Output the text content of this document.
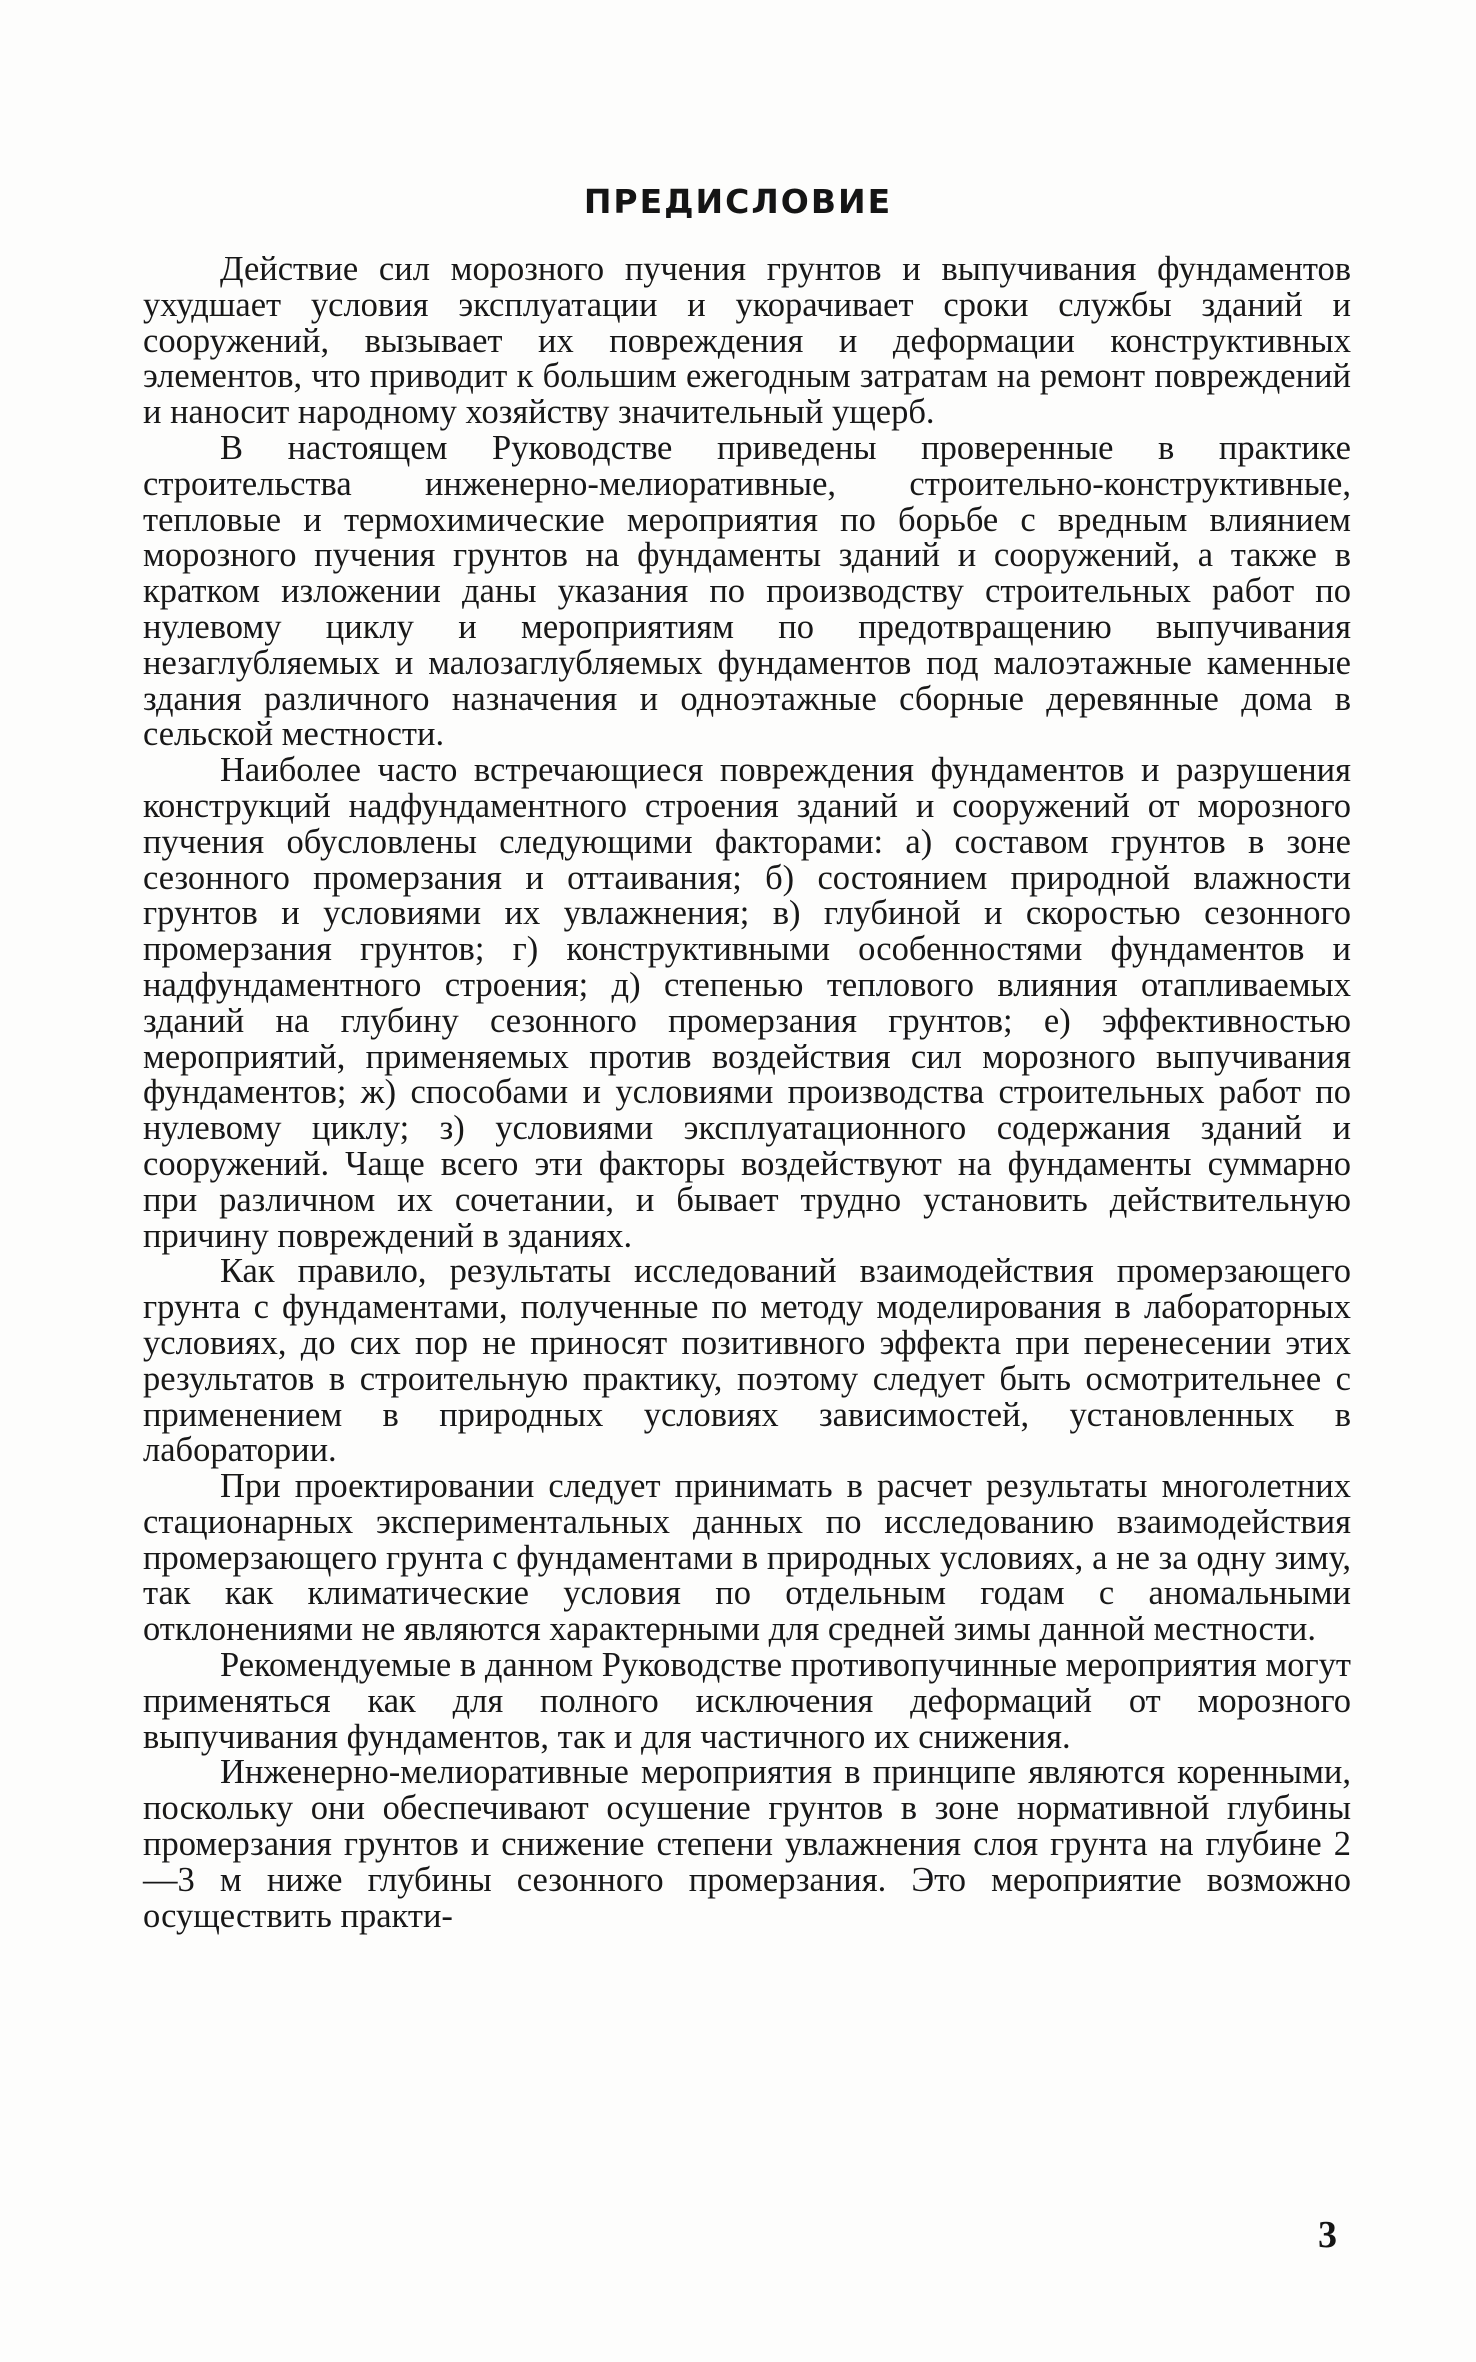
ПРЕДИСЛОВИЕ

Действие сил морозного пучения грунтов и выпучивания фундаментов ухудшает условия эксплуатации и укорачивает сроки службы зданий и сооружений, вызывает их повреждения и деформации конструктивных элементов, что приводит к большим ежегодным затратам на ремонт повреждений и наносит народному хозяйству значительный ущерб.

В настоящем Руководстве приведены проверенные в практике строительства инженерно-мелиоративные, строительно-конструктивные, тепловые и термохимические мероприятия по борьбе с вредным влиянием морозного пучения грунтов на фундаменты зданий и сооружений, а также в кратком изложении даны указания по производству строительных работ по нулевому циклу и мероприятиям по предотвращению выпучивания незаглубляемых и малозаглубляемых фундаментов под малоэтажные каменные здания различного назначения и одноэтажные сборные деревянные дома в сельской местности.

Наиболее часто встречающиеся повреждения фундаментов и разрушения конструкций надфундаментного строения зданий и сооружений от морозного пучения обусловлены следующими факторами: а) составом грунтов в зоне сезонного промерзания и оттаивания; б) состоянием природной влажности грунтов и условиями их увлажнения; в) глубиной и скоростью сезонного промерзания грунтов; г) конструктивными особенностями фундаментов и надфундаментного строения; д) степенью теплового влияния отапливаемых зданий на глубину сезонного промерзания грунтов; е) эффективностью мероприятий, применяемых против воздействия сил морозного выпучивания фундаментов; ж) способами и условиями производства строительных работ по нулевому циклу; з) условиями эксплуатационного содержания зданий и сооружений. Чаще всего эти факторы воздействуют на фундаменты суммарно при различном их сочетании, и бывает трудно установить действительную причину повреждений в зданиях.

Как правило, результаты исследований взаимодействия промерзающего грунта с фундаментами, полученные по методу моделирования в лабораторных условиях, до сих пор не приносят позитивного эффекта при перенесении этих результатов в строительную практику, поэтому следует быть осмотрительнее с применением в природных условиях зависимостей, установленных в лаборатории.

При проектировании следует принимать в расчет результаты многолетних стационарных экспериментальных данных по исследованию взаимодействия промерзающего грунта с фундаментами в природных условиях, а не за одну зиму, так как климатические условия по отдельным годам с аномальными отклонениями не являются характерными для средней зимы данной местности.

Рекомендуемые в данном Руководстве противопучинные мероприятия могут применяться как для полного исключения деформаций от морозного выпучивания фундаментов, так и для частичного их снижения.

Инженерно-мелиоративные мероприятия в принципе являются коренными, поскольку они обеспечивают осушение грунтов в зоне нормативной глубины промерзания грунтов и снижение степени увлажнения слоя грунта на глубине 2—3 м ниже глубины сезонного промерзания. Это мероприятие возможно осуществить практи-

3
